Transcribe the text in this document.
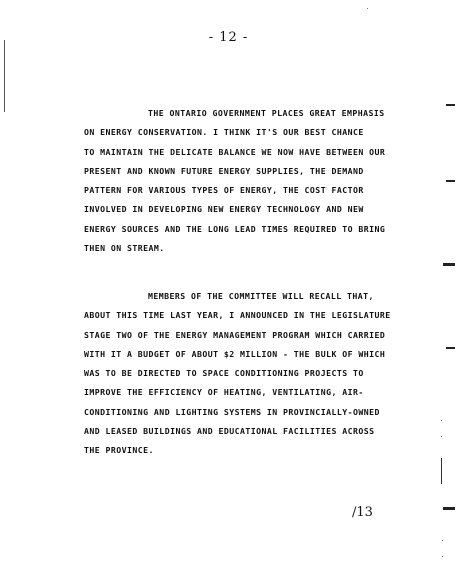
- 12 -
THE ONTARIO GOVERNMENT PLACES GREAT EMPHASIS
ON ENERGY CONSERVATION. I THINK IT'S OUR BEST CHANCE
TO MAINTAIN THE DELICATE BALANCE WE NOW HAVE BETWEEN OUR
PRESENT AND KNOWN FUTURE ENERGY SUPPLIES, THE DEMAND
PATTERN FOR VARIOUS TYPES OF ENERGY, THE COST FACTOR
INVOLVED IN DEVELOPING NEW ENERGY TECHNOLOGY AND NEW
ENERGY SOURCES AND THE LONG LEAD TIMES REQUIRED TO BRING
THEN ON STREAM.
MEMBERS OF THE COMMITTEE WILL RECALL THAT,
ABOUT THIS TIME LAST YEAR, I ANNOUNCED IN THE LEGISLATURE
STAGE TWO OF THE ENERGY MANAGEMENT PROGRAM WHICH CARRIED
WITH IT A BUDGET OF ABOUT $2 MILLION - THE BULK OF WHICH
WAS TO BE DIRECTED TO SPACE CONDITIONING PROJECTS TO
IMPROVE THE EFFICIENCY OF HEATING, VENTILATING, AIR-
CONDITIONING AND LIGHTING SYSTEMS IN PROVINCIALLY-OWNED
AND LEASED BUILDINGS AND EDUCATIONAL FACILITIES ACROSS
THE PROVINCE.
/13
